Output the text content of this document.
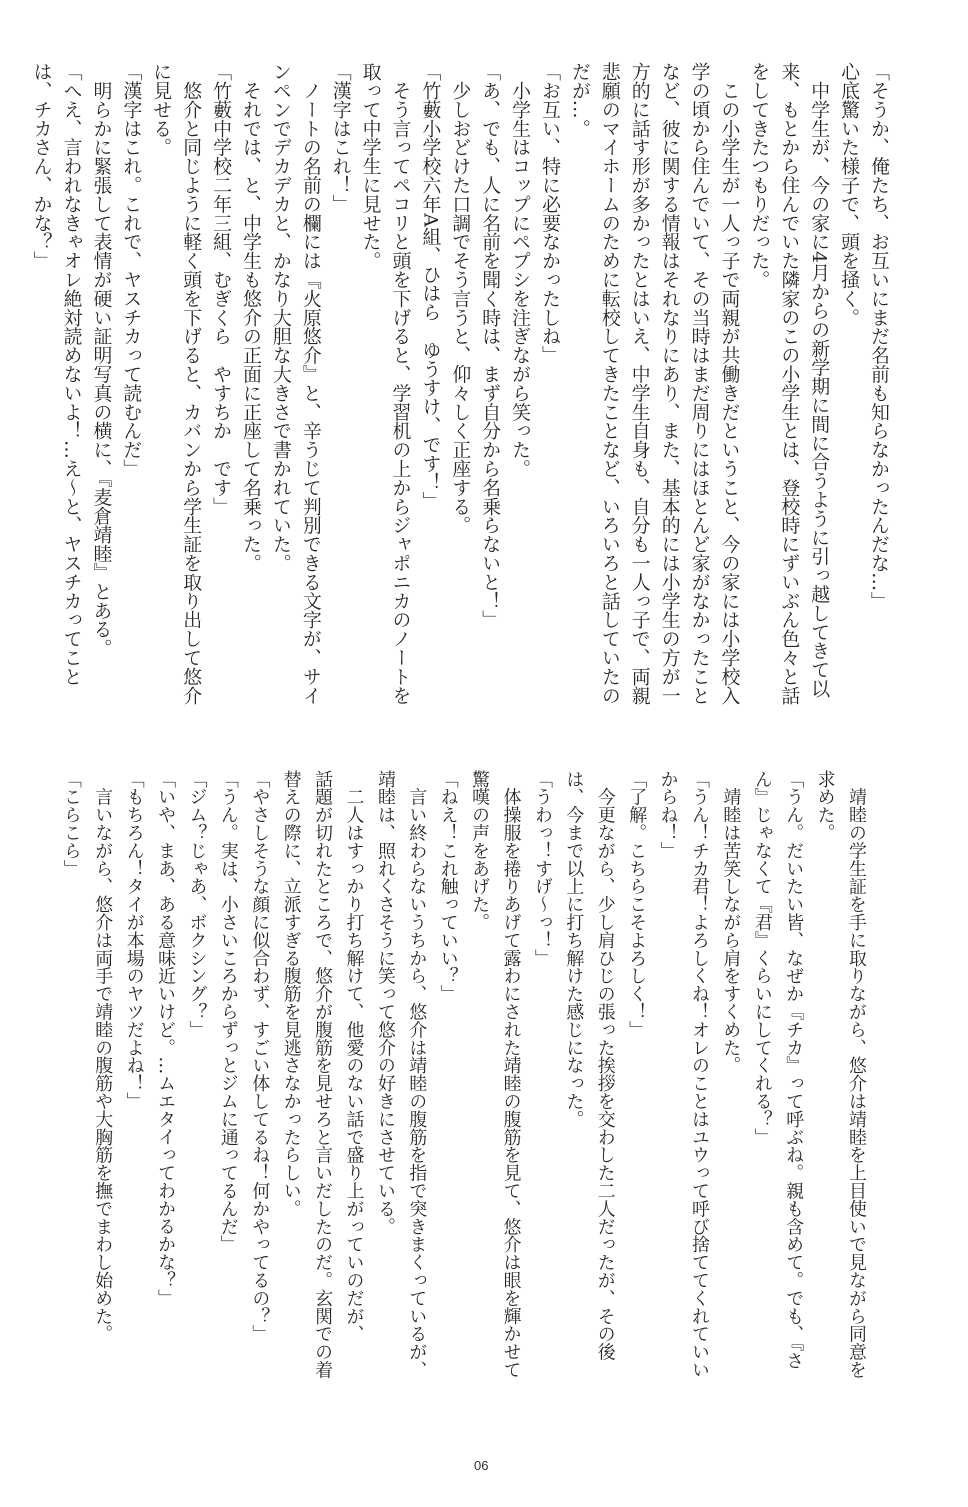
「そうか、俺たち、お互いにまだ名前も知らなかったんだな…」
心底驚いた様子で、頭を掻く。
　中学生が、今の家に4月からの新学期に間に合うように引っ越してきて以
来、もとから住んでいた隣家のこの小学生とは、登校時にずいぶん色々と話
をしてきたつもりだった。
　この小学生が一人っ子で両親が共働きだということ、今の家には小学校入
学の頃から住んでいて、その当時はまだ周りにはほとんど家がなかったこと
など、彼に関する情報はそれなりにあり、また、基本的には小学生の方が一
方的に話す形が多かったとはいえ、中学生自身も、自分も一人っ子で、両親
悲願のマイホームのために転校してきたことなど、いろいろと話していたの
だが…。
「お互い、特に必要なかったしね」
　小学生はコップにペプシを注ぎながら笑った。
「あ、でも、人に名前を聞く時は、まず自分から名乗らないと！」
　少しおどけた口調でそう言うと、仰々しく正座する。
「竹藪小学校六年A組、ひはら　ゆうすけ、です！」
　そう言ってペコリと頭を下げると、学習机の上からジャポニカのノートを
取って中学生に見せた。
「漢字はこれ！」
　ノートの名前の欄には『火原悠介』と、辛うじて判別できる文字が、サイ
ンペンでデカデカと、かなり大胆な大きさで書かれていた。
　それでは、と、中学生も悠介の正面に正座して名乗った。
「竹藪中学校二年三組、むぎくら　やすちか　です」
　悠介と同じように軽く頭を下げると、カバンから学生証を取り出して悠介
に見せる。
「漢字はこれ。これで、ヤスチカって読むんだ」
　明らかに緊張して表情が硬い証明写真の横に、『麦倉靖睦』とある。
「へえ、言われなきゃオレ絶対読めないよ！…え～と、ヤスチカってこと
は、チカさん、かな？」
　靖睦の学生証を手に取りながら、悠介は靖睦を上目使いで見ながら同意を
求めた。
「うん。だいたい皆、なぜか『チカ』って呼ぶね。親も含めて。でも、『さ
ん』じゃなくて『君』くらいにしてくれる？」
　靖睦は苦笑しながら肩をすくめた。
「うん！チカ君！よろしくね！オレのことはユウって呼び捨ててくれていい
からね！」
「了解。こちらこそよろしく！」
　今更ながら、少し肩ひじの張った挨拶を交わした二人だったが、その後
は、今まで以上に打ち解けた感じになった。
「うわっ！すげ～っ！」
　体操服を捲りあげて露わにされた靖睦の腹筋を見て、悠介は眼を輝かせて
驚嘆の声をあげた。
「ねえ！これ触っていい？」
　言い終わらないうちから、悠介は靖睦の腹筋を指で突きまくっているが、
靖睦は、照れくさそうに笑って悠介の好きにさせている。
　二人はすっかり打ち解けて、他愛のない話で盛り上がっていのだが、
話題が切れたところで、悠介が腹筋を見せろと言いだしたのだ。玄関での着
替えの際に、立派すぎる腹筋を見逃さなかったらしい。
「やさしそうな顔に似合わず、すごい体してるね！何かやってるの？」
「うん。実は、小さいころからずっとジムに通ってるんだ」
「ジム？じゃあ、ボクシング？」
「いや、まあ、ある意味近いけど。…ムエタイってわかるかな？」
「もちろん！タイが本場のヤツだよね！」
　言いながら、悠介は両手で靖睦の腹筋や大胸筋を撫でまわし始めた。
「こらこら」
06
